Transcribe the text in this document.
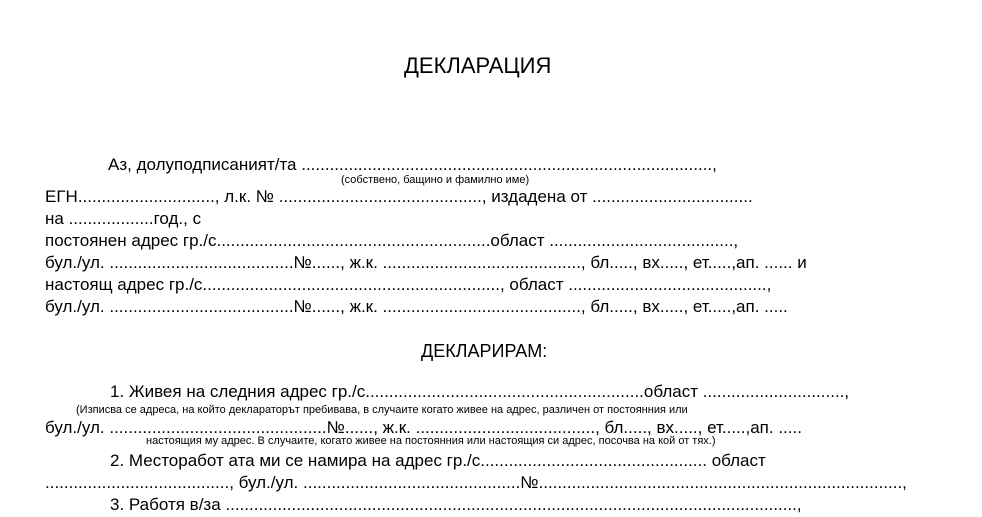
ДЕКЛАРАЦИЯ
Аз, долуподписаният/та .......................................................................................,
(собствено, бащино и фамилно име)
ЕГН............................., л.к. № ..........................................., издадена от ..................................
на ..................год., с
постоянен адрес гр./с..........................................................област .......................................,
бул./ул. .......................................№......, ж.к. .........................................., бл....., вх....., ет.....,ап. ...... и
настоящ адрес гр./с..............................................................., област ..........................................,
бул./ул. .......................................№......, ж.к. .........................................., бл....., вх....., ет.....,ап. .....
ДЕКЛАРИРАМ:
1. Живея на следния адрес гр./с...........................................................област ..............................,
(Изписва се адреса, на който деклараторът пребивава, в случаите когато живее на адрес, различен от постоянния или
бул./ул. ..............................................№......, ж.к. ......................................, бл....., вх....., ет.....,ап. .....
настоящия му адрес. В случаите, когато живее на постоянния или настоящия си адрес, посочва на кой от тях.)
2. Месторабот ата ми се намира на адрес гр./с................................................ област
......................................., бул./ул. ..............................................№.............................................................................,
3. Работя в/за .........................................................................................................................,
